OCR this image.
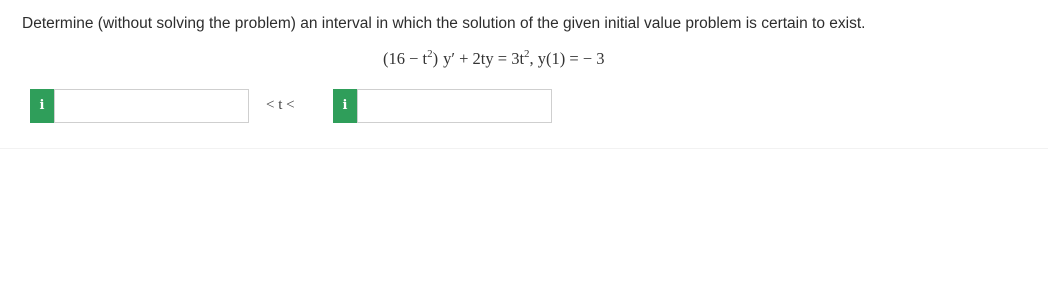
Determine (without solving the problem) an interval in which the solution of the given initial value problem is certain to exist.
$(16 - t^2)$ $y' + 2ty = 3t^2$, y(1) = − 3
i	< t <	i
